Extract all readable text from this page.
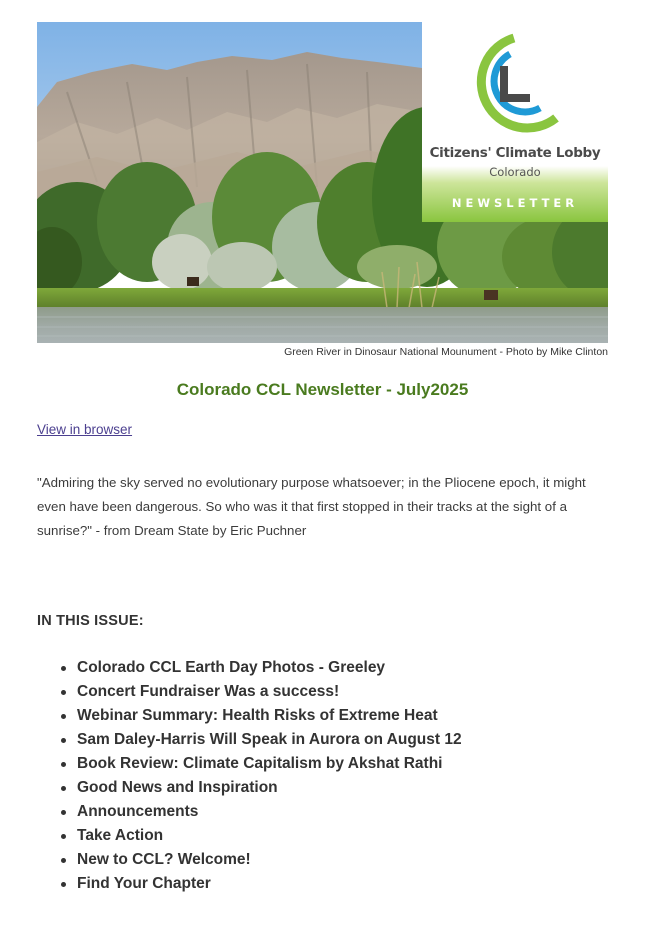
Citizens' Climate Lobby
Colorado
NEWSLETTER
Green River in Dinosaur National Mounument - Photo by Mike Clinton
Colorado CCL Newsletter - July2025
View in browser
"Admiring the sky served no evolutionary purpose whatsoever; in the Pliocene epoch, it might even have been dangerous. So who was it that first stopped in their tracks at the sight of a sunrise?" - from Dream State by Eric Puchner
IN THIS ISSUE:
Colorado CCL Earth Day Photos - Greeley
Concert Fundraiser Was a success!
Webinar Summary: Health Risks of Extreme Heat
Sam Daley-Harris Will Speak in Aurora on August 12
Book Review: Climate Capitalism by Akshat Rathi
Good News and Inspiration
Announcements
Take Action
New to CCL? Welcome!
Find Your Chapter
